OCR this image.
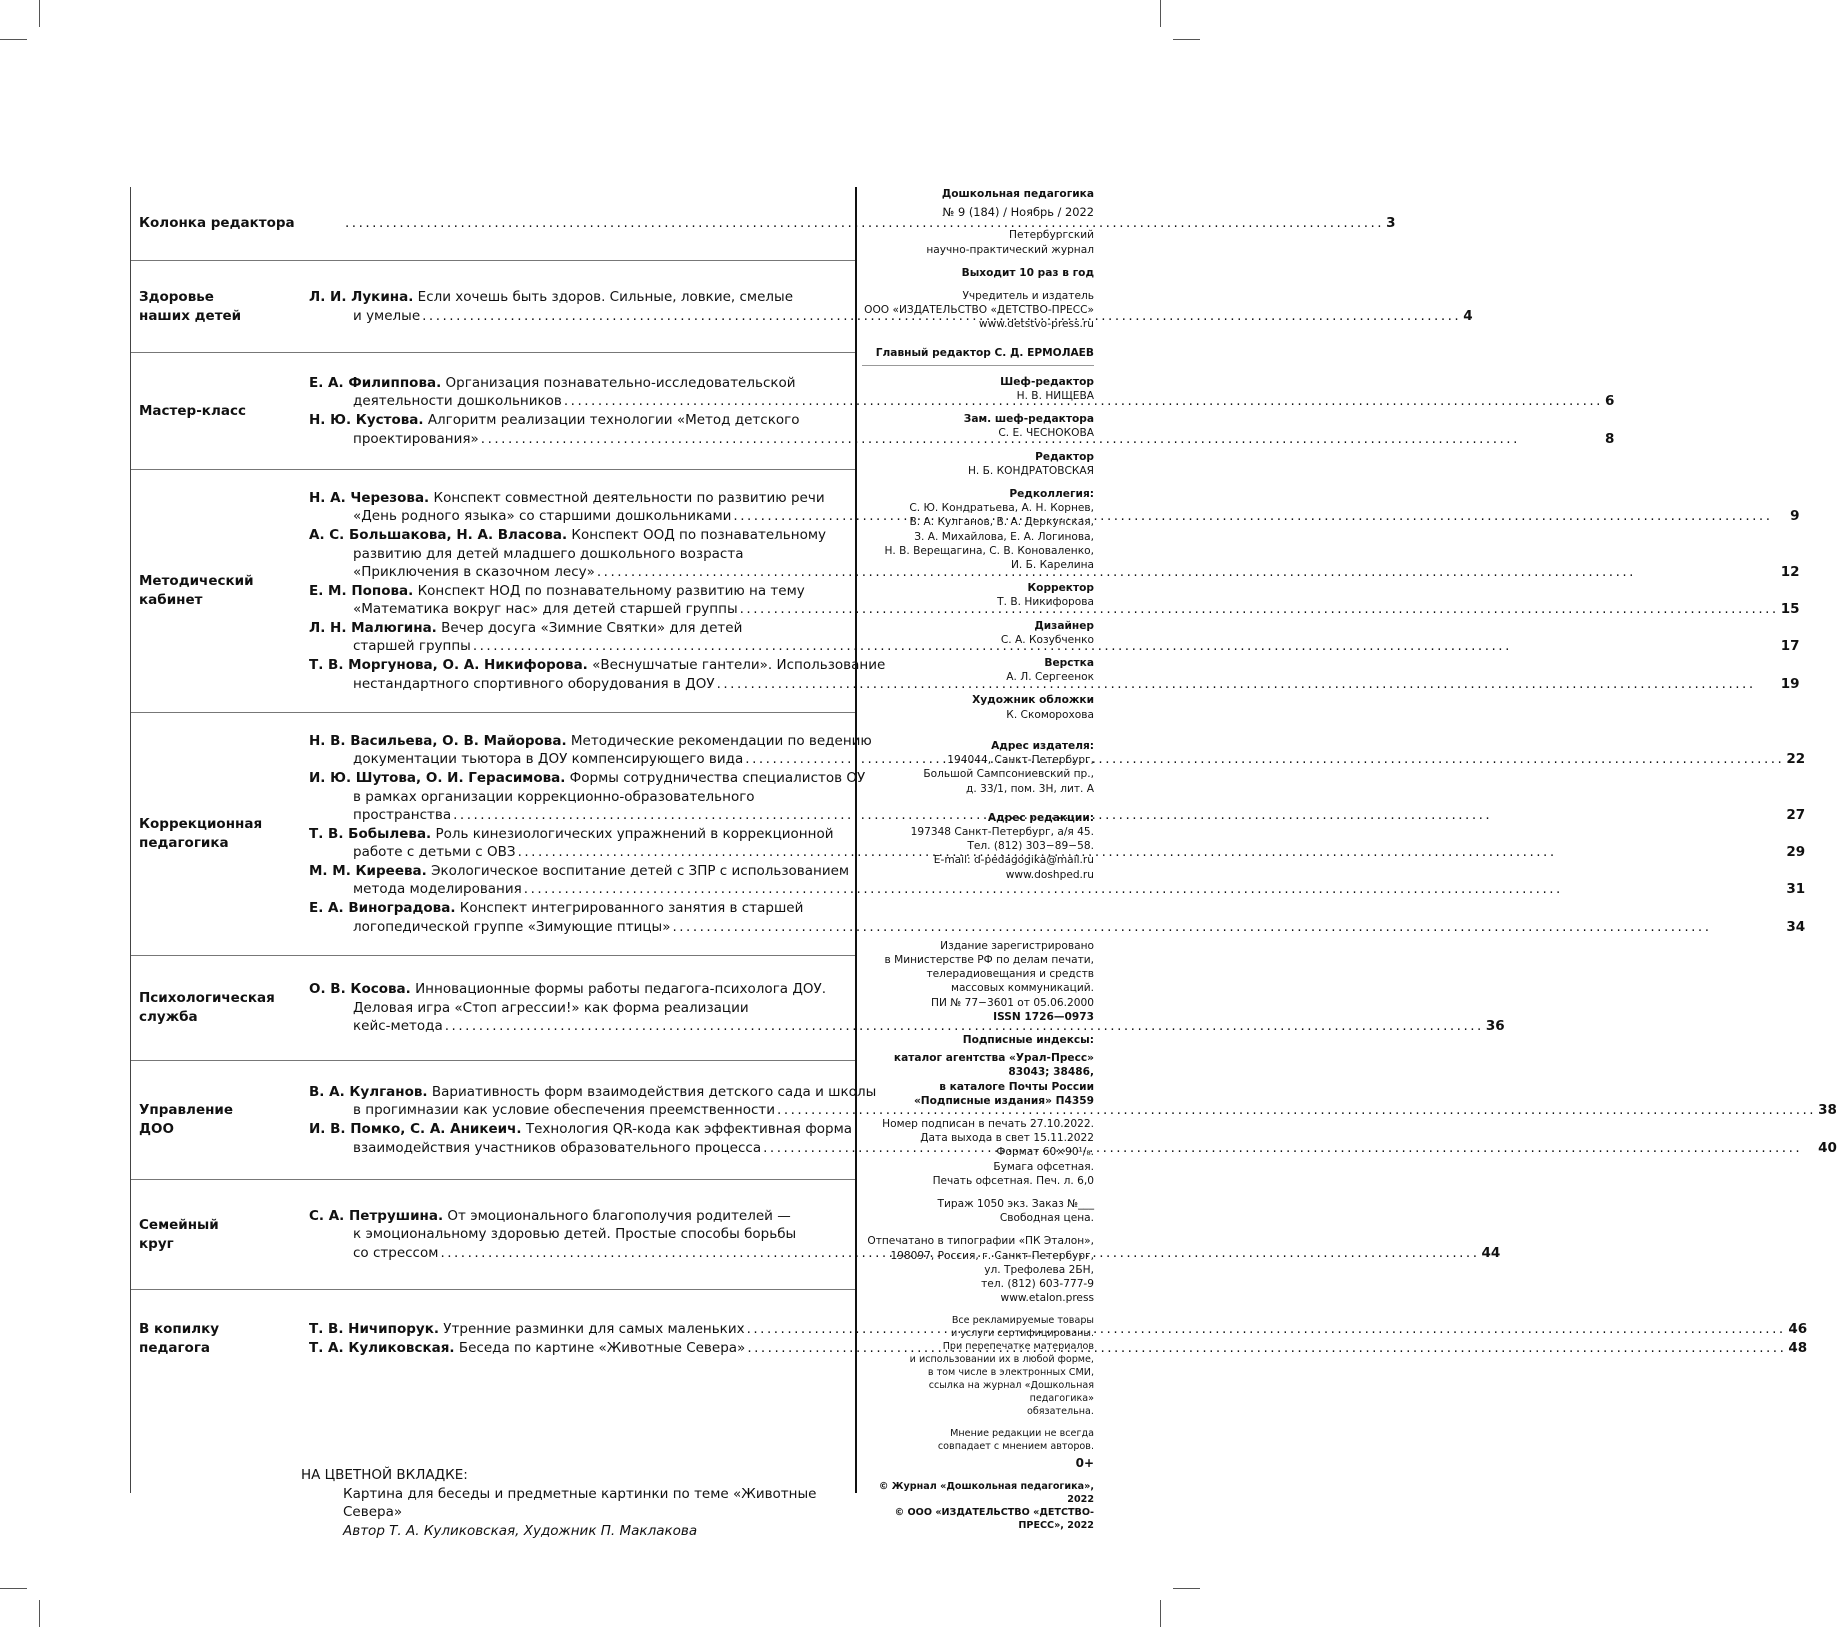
Колонка редактора .....	3
Здоровье
наших детей
Л. И. Лукина. Если хочешь быть здоров. Сильные, ловкие, смелые
и умелые .....	4
Мастер-класс
Е. А. Филиппова. Организация познавательно-исследовательской
деятельности дошкольников .....	6
Н. Ю. Кустова. Алгоритм реализации технологии «Метод детского
проектирования» .....	8
Методический
кабинет
Н. А. Черезова. Конспект совместной деятельности по развитию речи
«День родного языка» со старшими дошкольниками .....	9
А. С. Большакова, Н. А. Власова. Конспект ООД по познавательному
развитию для детей младшего дошкольного возраста
«Приключения в сказочном лесу» .....	12
Е. М. Попова. Конспект НОД по познавательному развитию на тему
«Математика вокруг нас» для детей старшей группы .....	15
Л. Н. Малюгина. Вечер досуга «Зимние Святки» для детей
старшей группы .....	17
Т. В. Моргунова, О. А. Никифорова. «Веснушчатые гантели». Использование
нестандартного спортивного оборудования в ДОУ .....	19
Коррекционная
педагогика
Н. В. Васильева, О. В. Майорова. Методические рекомендации по ведению
документации тьютора в ДОУ компенсирующего вида .....	22
И. Ю. Шутова, О. И. Герасимова. Формы сотрудничества специалистов ОУ
в рамках организации коррекционно-образовательного
пространства .....	27
Т. В. Бобылева. Роль кинезиологических упражнений в коррекционной
работе с детьми с ОВЗ .....	29
М. М. Киреева. Экологическое воспитание детей с ЗПР с использованием
метода моделирования .....	31
Е. А. Виноградова. Конспект интегрированного занятия в старшей
логопедической группе «Зимующие птицы» .....	34
Психологическая
служба
О. В. Косова. Инновационные формы работы педагога-психолога ДОУ.
Деловая игра «Стоп агрессии!» как форма реализации
кейс-метода .....	36
Управление
ДОО
В. А. Кулганов. Вариативность форм взаимодействия детского сада и школы
в прогимназии как условие обеспечения преемственности .....	38
И. В. Помко, С. А. Аникеич. Технология QR-кода как эффективная форма
взаимодействия участников образовательного процесса .....	40
Семейный
круг
С. А. Петрушина. От эмоционального благополучия родителей —
к эмоциональному здоровью детей. Простые способы борьбы
со стрессом .....	44
В копилку
педагога
Т. В. Ничипорук. Утренние разминки для самых маленьких .....	46
Т. А. Куликовская. Беседа по картине «Животные Севера» .....	48
НА ЦВЕТНОЙ ВКЛАДКЕ:
Картина для беседы и предметные картинки по теме «Животные
Севера»
Автор Т. А. Куликовская, Художник П. Маклакова
Дошкольная педагогика
№ 9 (184) / Ноябрь / 2022
Петербургский
научно-практический журнал
Выходит 10 раз в год
Учредитель и издатель
ООО «ИЗДАТЕЛЬСТВО «ДЕТСТВО-ПРЕСС»
www.detstvo-press.ru
Главный редактор С. Д. ЕРМОЛАЕВ
Шеф-редактор
Н. В. НИЩЕВА
Зам. шеф-редактора
С. Е. ЧЕСНОКОВА
Редактор
Н. Б. КОНДРАТОВСКАЯ
Редколлегия:
С. Ю. Кондратьева, А. Н. Корнев,
В. А. Кулганов, В. А. Деркунская,
З. А. Михайлова, Е. А. Логинова,
Н. В. Верещагина, С. В. Коноваленко,
И. Б. Карелина
Корректор
Т. В. Никифорова
Дизайнер
С. А. Козубченко
Верстка
А. Л. Сергеенок
Художник обложки
К. Скоморохова
Адрес издателя:
194044, Санкт-Петербург,
Большой Сампсониевский пр.,
д. 33/1, пом. 3Н, лит. А
Адрес редакции:
197348 Санкт-Петербург, а/я 45.
Тел. (812) 303−89−58.
E-mail: d-pedagogika@mail.ru
www.doshped.ru
Издание зарегистрировано
в Министерстве РФ по делам печати,
телерадиовещания и средств
массовых коммуникаций.
ПИ № 77−3601 от 05.06.2000
ISSN 1726—0973
Подписные индексы:
каталог агентства «Урал-Пресс»
83043; 38486,
в каталоге Почты России
«Подписные издания» П4359
Номер подписан в печать 27.10.2022.
Дата выхода в свет 15.11.2022
Формат 60×90¹/₈.
Бумага офсетная.
Печать офсетная. Печ. л. 6,0
Тираж 1050 экз. Заказ №___
Свободная цена.
Отпечатано в типографии «ПК Эталон»,
198097, Россия, г. Санкт-Петербург,
ул. Трефолева 2БН,
тел. (812) 603-777-9
www.etalon.press
Все рекламируемые товары
и услуги сертифицированы.
При перепечатке материалов
и использовании их в любой форме,
в том числе в электронных СМИ,
ссылка на журнал «Дошкольная педагогика»
обязательна.
Мнение редакции не всегда
совпадает с мнением авторов.
0+
© Журнал «Дошкольная педагогика», 2022
© ООО «ИЗДАТЕЛЬСТВО «ДЕТСТВО-ПРЕСС», 2022
